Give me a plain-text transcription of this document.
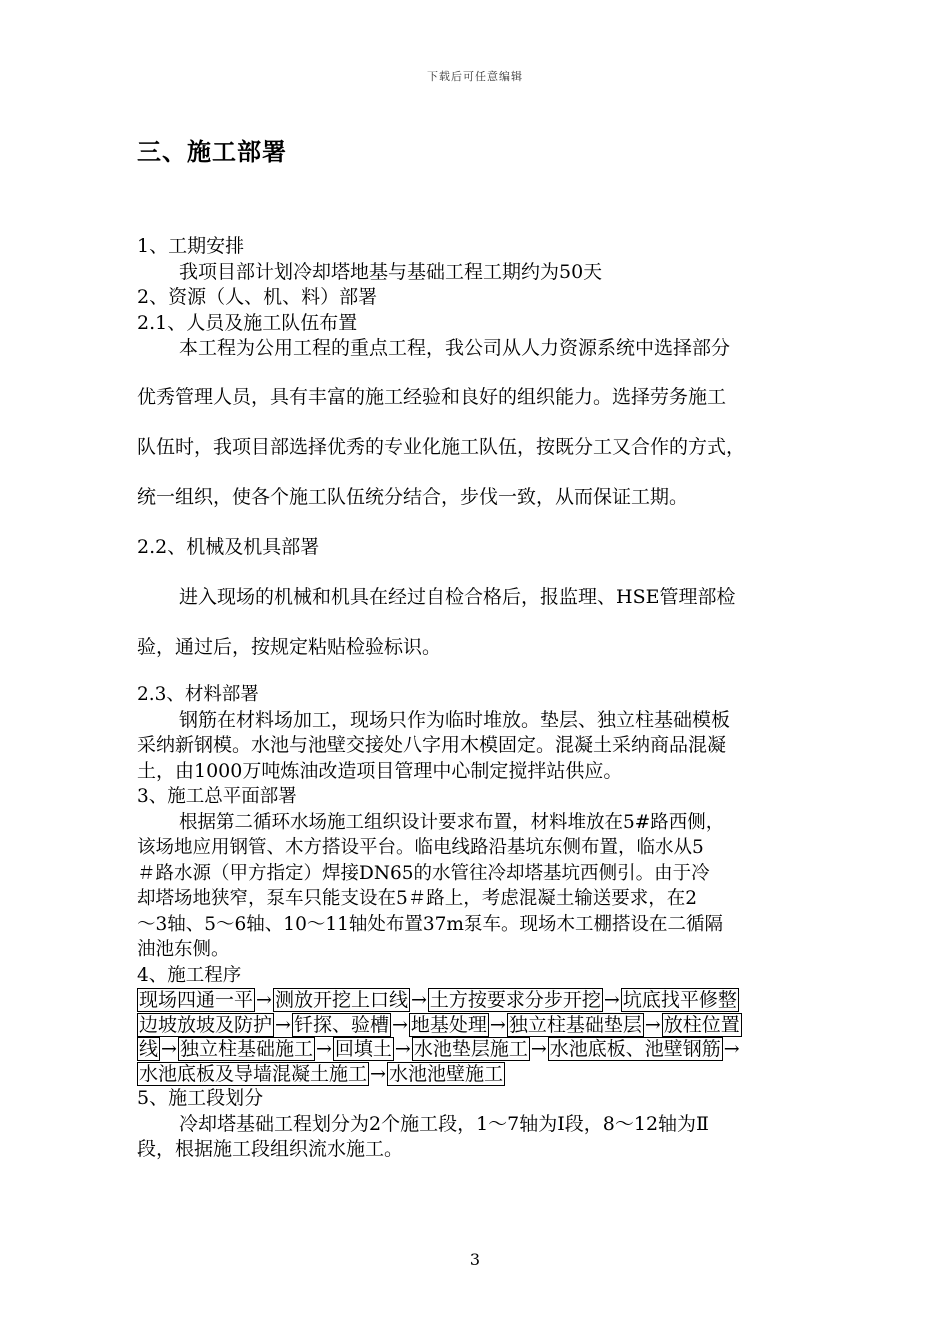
下载后可任意编辑
三、施工部署
1、工期安排
我项目部计划冷却塔地基与基础工程工期约为50天
2、资源（人、机、料）部署
2.1、人员及施工队伍布置
本工程为公用工程的重点工程，我公司从人力资源系统中选择部分
优秀管理人员，具有丰富的施工经验和良好的组织能力。选择劳务施工
队伍时，我项目部选择优秀的专业化施工队伍，按既分工又合作的方式，
统一组织，使各个施工队伍统分结合，步伐一致，从而保证工期。
2.2、机械及机具部署
进入现场的机械和机具在经过自检合格后，报监理、HSE管理部检
验，通过后，按规定粘贴检验标识。
2.3、材料部署
钢筋在材料场加工，现场只作为临时堆放。垫层、独立柱基础模板
采纳新钢模。水池与池壁交接处八字用木模固定。混凝土采纳商品混凝
土，由1000万吨炼油改造项目管理中心制定搅拌站供应。
3、施工总平面部署
根据第二循环水场施工组织设计要求布置，材料堆放在5#路西侧，
该场地应用钢管、木方搭设平台。临电线路沿基坑东侧布置，临水从5
＃路水源（甲方指定）焊接DN65的水管往冷却塔基坑西侧引。由于冷
却塔场地狭窄，泵车只能支设在5＃路上，考虑混凝土输送要求，在2
～3轴、5～6轴、10～11轴处布置37m泵车。现场木工棚搭设在二循隔
油池东侧。
4、施工程序
现场四通一平 → 测放开挖上口线 → 土方按要求分步开挖 → 坑底找平修整
边坡放坡及防护 → 钎探、验槽 → 地基处理 → 独立柱基础垫层 → 放柱位置
线 → 独立柱基础施工 → 回填土 → 水池垫层施工 → 水池底板、池壁钢筋 →
水池底板及导墙混凝土施工 → 水池池壁施工
5、施工段划分
冷却塔基础工程划分为2个施工段，1～7轴为Ⅰ段，8～12轴为Ⅱ
段，根据施工段组织流水施工。
3
